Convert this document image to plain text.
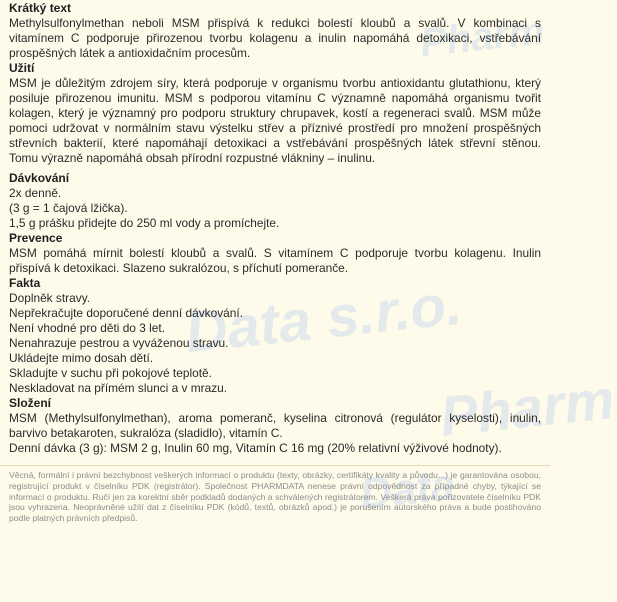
Pharm
Data s.r.o.
Pharm
Data
Krátký text

Methylsulfonylmethan neboli MSM přispívá k redukci bolestí kloubů a svalů. V kombinaci s vitamínem C podporuje přirozenou tvorbu kolagenu a inulin napomáhá detoxikaci, vstřebávání prospěšných látek a antioxidačním procesům.

Užití

MSM je důležitým zdrojem síry, která podporuje v organismu tvorbu antioxidantu glutathionu, který posiluje přirozenou imunitu. MSM s podporou vitamínu C významně napomáhá organismu tvořit kolagen, který je významný pro podporu struktury chrupavek, kostí a regeneraci svalů. MSM může pomoci udržovat v normálním stavu výstelku střev a příznivé prostředí pro množení prospěšných střevních bakterií, které napomáhají detoxikaci a vstřebávání prospěšných látek střevní stěnou. Tomu výrazně napomáhá obsah přírodní rozpustné vlákniny – inulinu.

Dávkování
2x denně.
(3 g = 1 čajová lžička).
1,5 g prášku přidejte do 250 ml vody a promíchejte.
Prevence

MSM pomáhá mírnit bolestí kloubů a svalů. S vitamínem C podporuje tvorbu kolagenu. Inulin přispívá k detoxikaci. Slazeno sukralózou, s příchutí pomeranče.

Fakta
Doplněk stravy.
Nepřekračujte doporučené denní dávkování.
Není vhodné pro děti do 3 let.
Nenahrazuje pestrou a vyváženou stravu.
Ukládejte mimo dosah dětí.
Skladujte v suchu při pokojové teplotě.
Neskladovat na přímém slunci a v mrazu.
Složení

MSM (Methylsulfonylmethan), aroma pomeranč, kyselina citronová (regulátor kyselosti), inulin, barvivo betakaroten, sukralóza (sladidlo), vitamín C.

Denní dávka (3 g): MSM 2 g, Inulin 60 mg, Vitamín C 16 mg (20% relativní výživové hodnoty).

Věcná, formální i právní bezchybnost veškerých informací o produktu (texty, obrázky, certifikáty kvality a původu...) je garantována osobou, registrující produkt v číselníku PDK (registrátor). Společnost PHARMDATA nenese právní odpovědnost za případné chyby, týkající se informací o produktu. Ručí jen za korektní sběr podkladů dodaných a schválených registrátorem. Veškerá práva pořizovatele číselníku PDK jsou vyhrazena. Neoprávněné užití dat z číselníku PDK (kódů, textů, obrázků apod.) je porušením autorského práva a bude postihováno podle platných právních předpisů.
